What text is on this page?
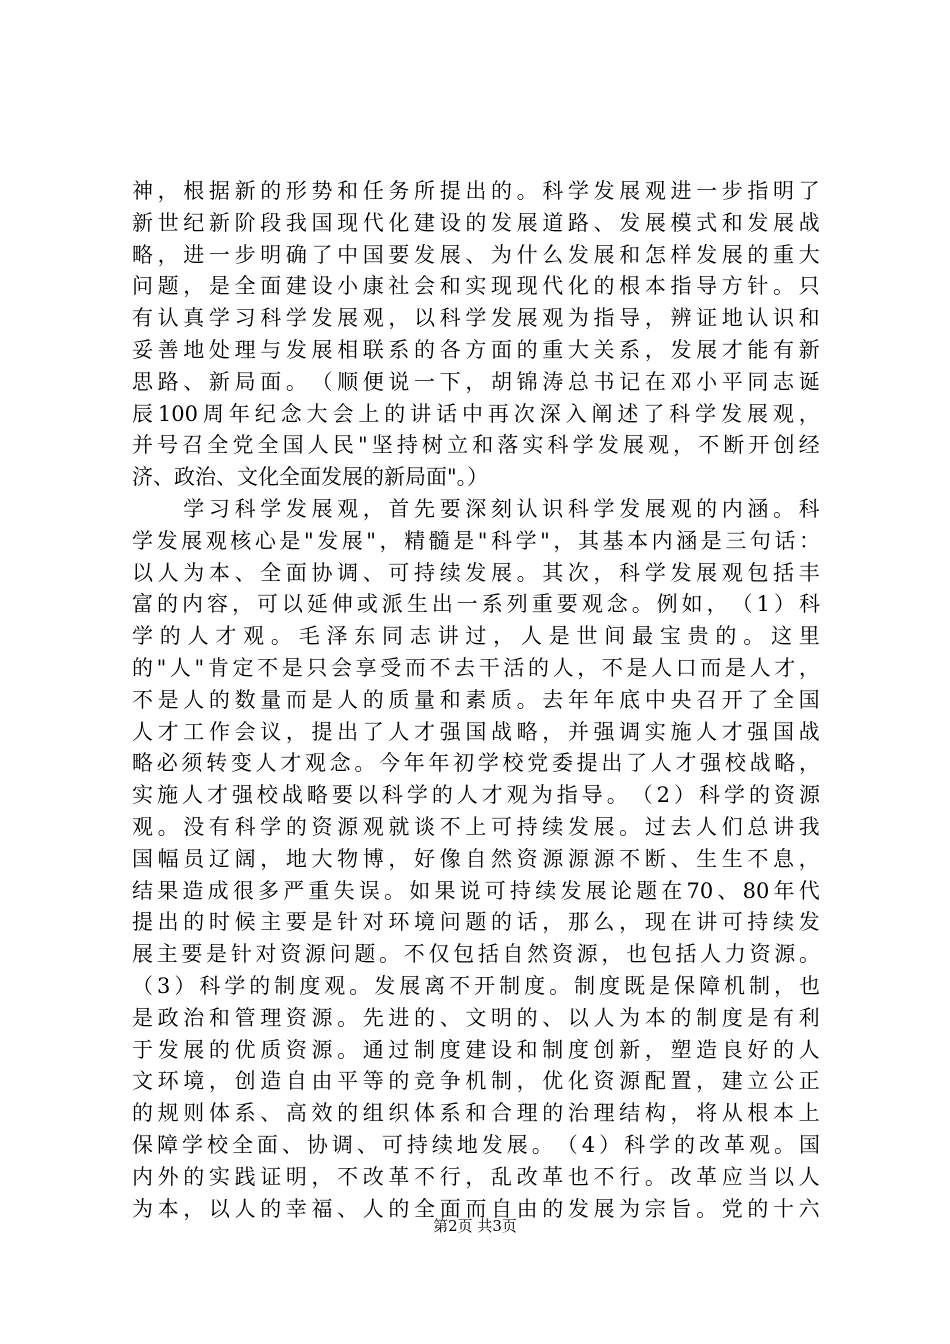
神 ， 根 据 新 的 形 势 和 任 务 所 提 出 的 。 科 学 发 展 观 进 一 步 指 明 了
新 世 纪 新 阶 段 我 国 现 代 化 建 设 的 发 展 道 路 、 发 展 模 式 和 发 展 战
略 ， 进 一 步 明 确 了 中 国 要 发 展 、 为 什 么 发 展 和 怎 样 发 展 的 重 大
问 题 ， 是 全 面 建 设 小 康 社 会 和 实 现 现 代 化 的 根 本 指 导 方 针 。 只
有 认 真 学 习 科 学 发 展 观 ， 以 科 学 发 展 观 为 指 导 ， 辨 证 地 认 识 和
妥 善 地 处 理 与 发 展 相 联 系 的 各 方 面 的 重 大 关 系 ， 发 展 才 能 有 新
思 路 、 新 局 面 。 （ 顺 便 说 一 下 ， 胡 锦 涛 总 书 记 在 邓 小 平 同 志 诞
辰 100 周 年 纪 念 大 会 上 的 讲 话 中 再 次 深 入 阐 述 了 科 学 发 展 观 ，
并 号 召 全 党 全 国 人 民 " 坚 持 树 立 和 落 实 科 学 发 展 观 ， 不 断 开 创 经
济、政治、文化全面发展的新局面"。）

学 习 科 学 发 展 观 ， 首 先 要 深 刻 认 识 科 学 发 展 观 的 内 涵 。 科
学 发 展 观 核 心 是 " 发 展 " ， 精 髓 是 " 科 学 " ， 其 基 本 内 涵 是 三 句 话 ：
以 人 为 本 、 全 面 协 调 、 可 持 续 发 展 。 其 次 ， 科 学 发 展 观 包 括 丰
富 的 内 容 ， 可 以 延 伸 或 派 生 出 一 系 列 重 要 观 念 。 例 如 ， （ 1 ） 科
学 的 人 才 观 。 毛 泽 东 同 志 讲 过 ， 人 是 世 间 最 宝 贵 的 。 这 里
的 " 人 " 肯 定 不 是 只 会 享 受 而 不 去 干 活 的 人 ， 不 是 人 口 而 是 人 才 ，
不 是 人 的 数 量 而 是 人 的 质 量 和 素 质 。 去 年 年 底 中 央 召 开 了 全 国
人 才 工 作 会 议 ， 提 出 了 人 才 强 国 战 略 ， 并 强 调 实 施 人 才 强 国 战
略 必 须 转 变 人 才 观 念 。 今 年 年 初 学 校 党 委 提 出 了 人 才 强 校 战 略 ，
实 施 人 才 强 校 战 略 要 以 科 学 的 人 才 观 为 指 导 。 （ 2 ） 科 学 的 资 源
观 。 没 有 科 学 的 资 源 观 就 谈 不 上 可 持 续 发 展 。 过 去 人 们 总 讲 我
国 幅 员 辽 阔 ， 地 大 物 博 ， 好 像 自 然 资 源 源 源 不 断 、 生 生 不 息 ，
结 果 造 成 很 多 严 重 失 误 。 如 果 说 可 持 续 发 展 论 题 在 70 、 80 年 代
提 出 的 时 候 主 要 是 针 对 环 境 问 题 的 话 ， 那 么 ， 现 在 讲 可 持 续 发
展 主 要 是 针 对 资 源 问 题 。 不 仅 包 括 自 然 资 源 ， 也 包 括 人 力 资 源 。
（ 3 ） 科 学 的 制 度 观 。 发 展 离 不 开 制 度 。 制 度 既 是 保 障 机 制 ， 也
是 政 治 和 管 理 资 源 。 先 进 的 、 文 明 的 、 以 人 为 本 的 制 度 是 有 利
于 发 展 的 优 质 资 源 。 通 过 制 度 建 设 和 制 度 创 新 ， 塑 造 良 好 的 人
文 环 境 ， 创 造 自 由 平 等 的 竞 争 机 制 ， 优 化 资 源 配 置 ， 建 立 公 正
的 规 则 体 系 、 高 效 的 组 织 体 系 和 合 理 的 治 理 结 构 ， 将 从 根 本 上
保 障 学 校 全 面 、 协 调 、 可 持 续 地 发 展 。 （ 4 ） 科 学 的 改 革 观 。 国
内 外 的 实 践 证 明 ， 不 改 革 不 行 ， 乱 改 革 也 不 行 。 改 革 应 当 以 人
为 本 ， 以 人 的 幸 福 、 人 的 全 面 而 自 由 的 发 展 为 宗 旨 。 党 的 十 六
第2页 共3页
